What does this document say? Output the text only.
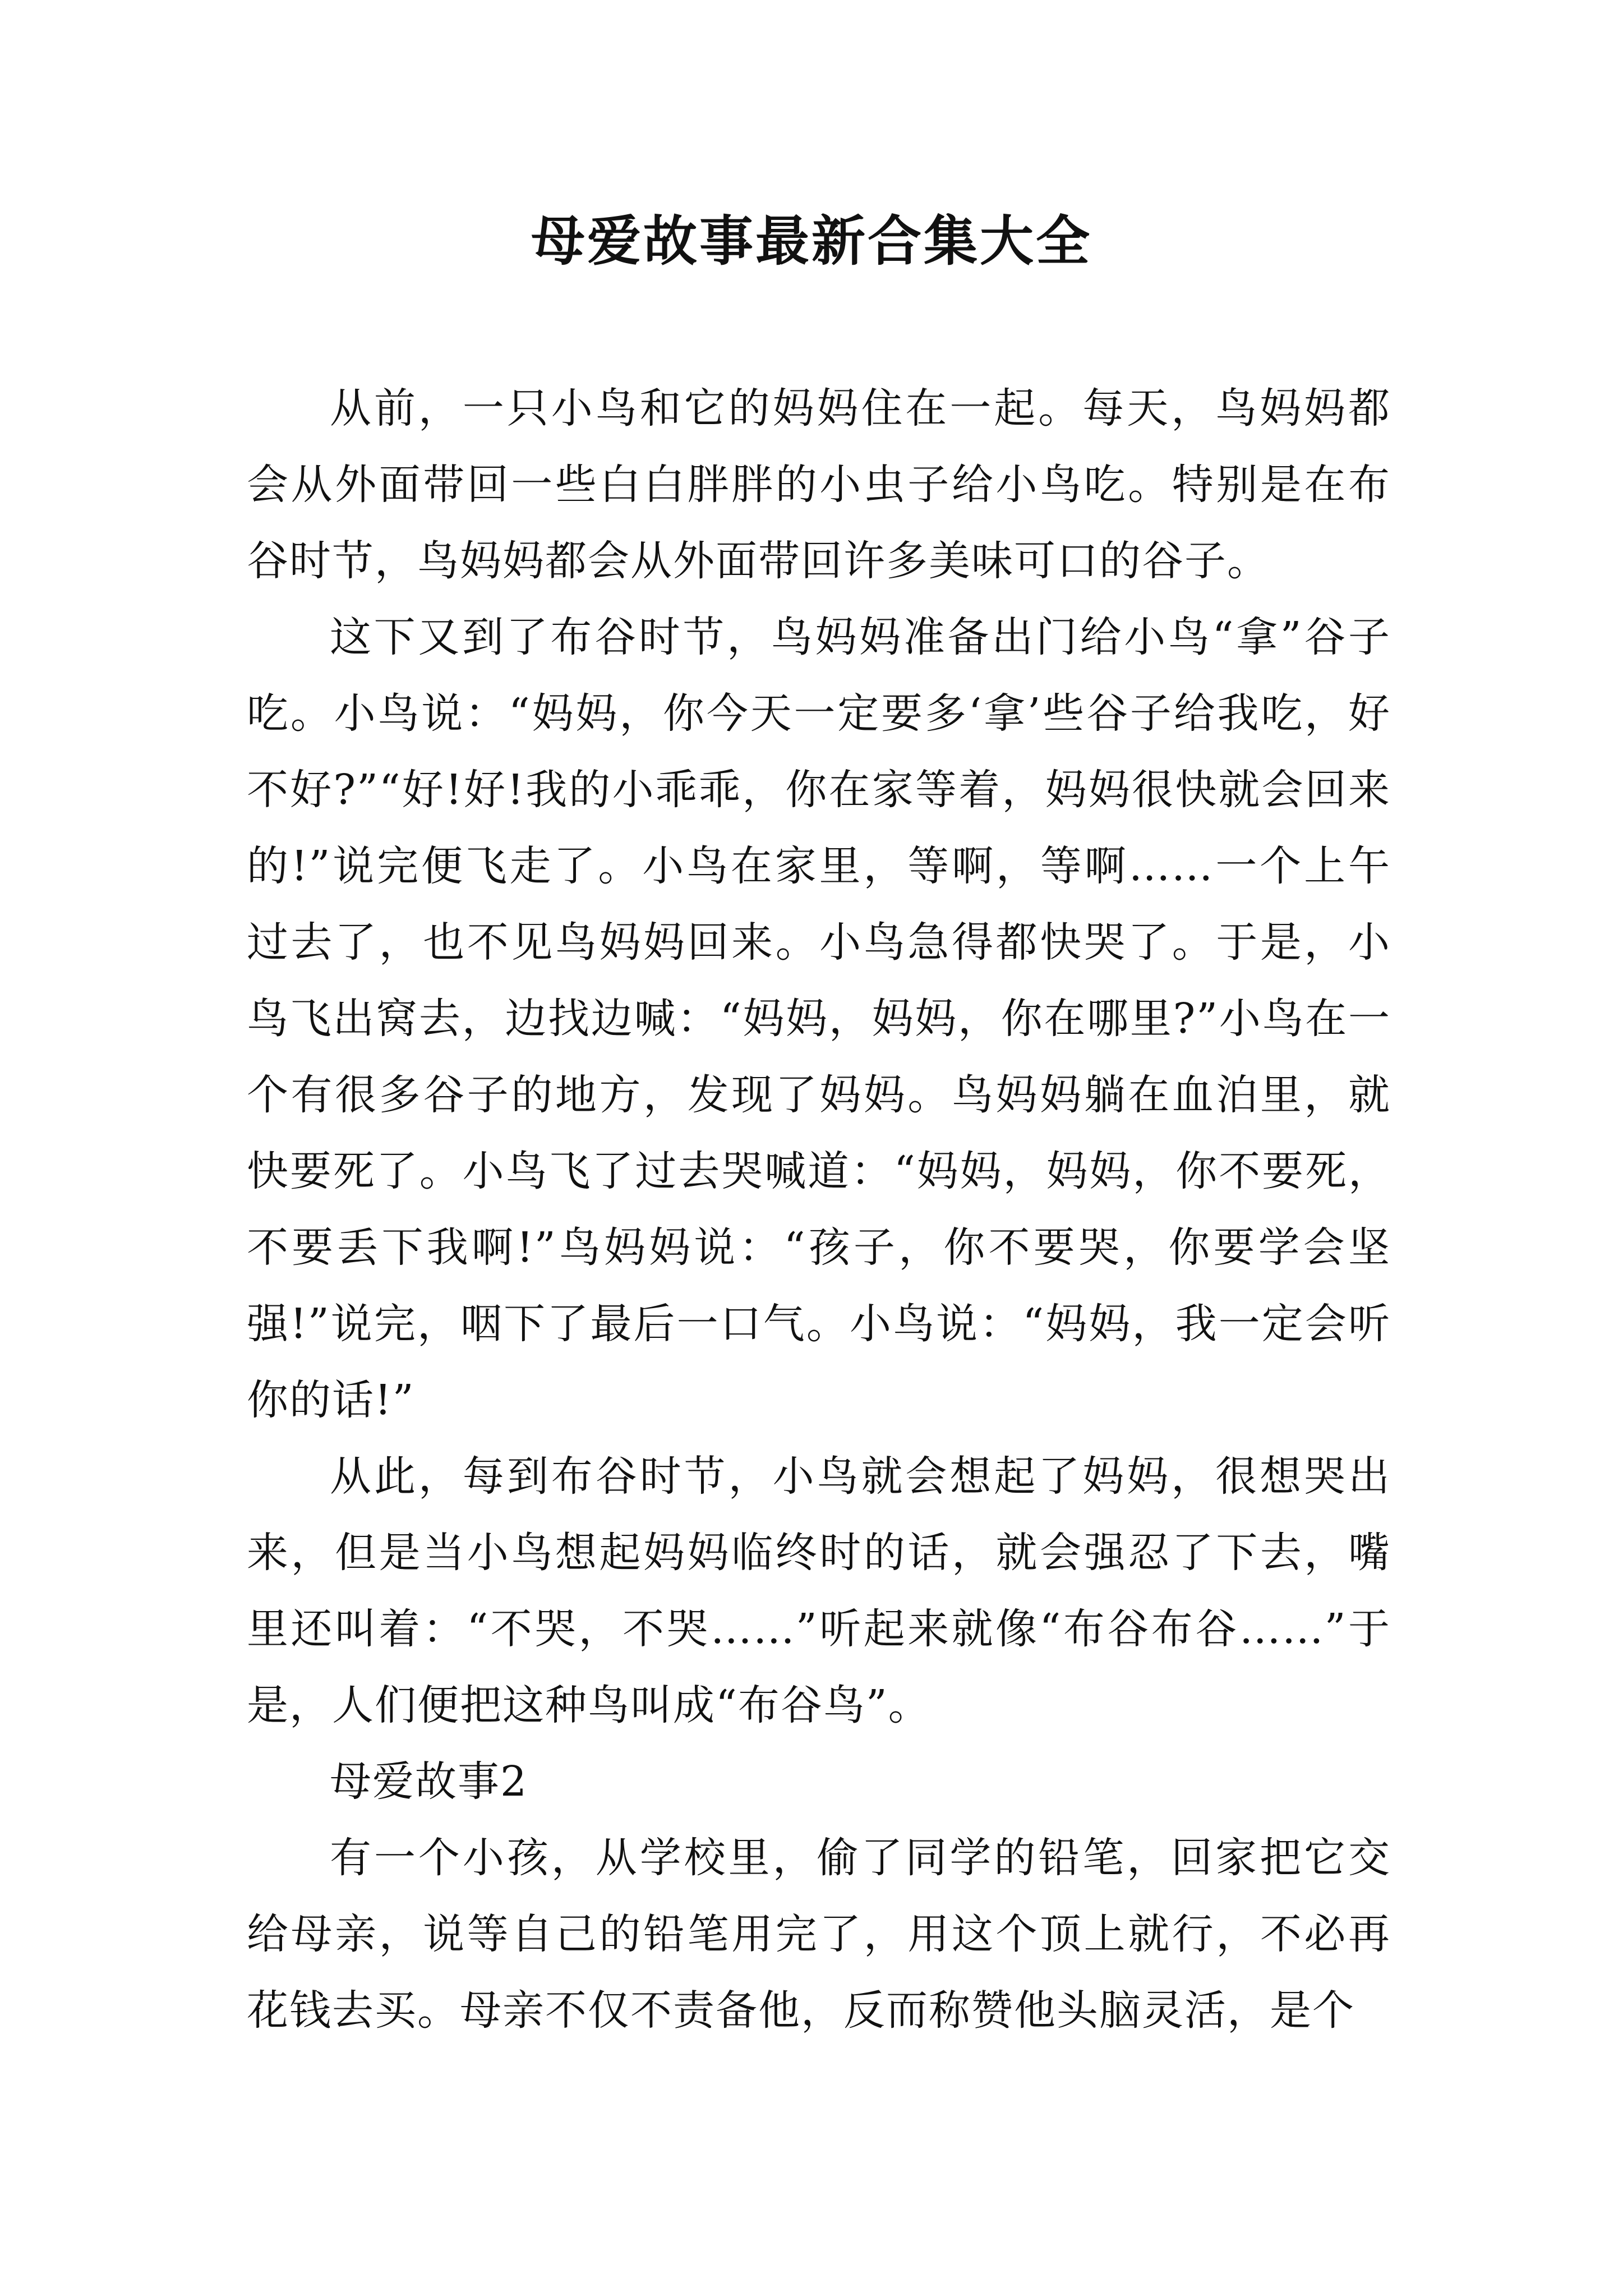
母爱故事最新合集大全

从前，一只小鸟和它的妈妈住在一起。每天，鸟妈妈都会从外面带回一些白白胖胖的小虫子给小鸟吃。特别是在布谷时节，鸟妈妈都会从外面带回许多美味可口的谷子。

这下又到了布谷时节，鸟妈妈准备出门给小鸟“拿”谷子吃。小鸟说：“妈妈，你今天一定要多‘拿’些谷子给我吃，好不好?”“好!好!我的小乖乖，你在家等着，妈妈很快就会回来的!”说完便飞走了。小鸟在家里，等啊，等啊……一个上午过去了，也不见鸟妈妈回来。小鸟急得都快哭了。于是，小鸟飞出窝去，边找边喊：“妈妈，妈妈，你在哪里?”小鸟在一个有很多谷子的地方，发现了妈妈。鸟妈妈躺在血泊里，就快要死了。小鸟飞了过去哭喊道：“妈妈，妈妈，你不要死，不要丢下我啊!”鸟妈妈说：“孩子，你不要哭，你要学会坚强!”说完，咽下了最后一口气。小鸟说：“妈妈，我一定会听你的话!”

从此，每到布谷时节，小鸟就会想起了妈妈，很想哭出来，但是当小鸟想起妈妈临终时的话，就会强忍了下去，嘴里还叫着：“不哭，不哭……”听起来就像“布谷布谷……”于是，人们便把这种鸟叫成“布谷鸟”。

母爱故事2

有一个小孩，从学校里，偷了同学的铅笔，回家把它交给母亲，说等自己的铅笔用完了，用这个顶上就行，不必再花钱去买。母亲不仅不责备他，反而称赞他头脑灵活，是个
